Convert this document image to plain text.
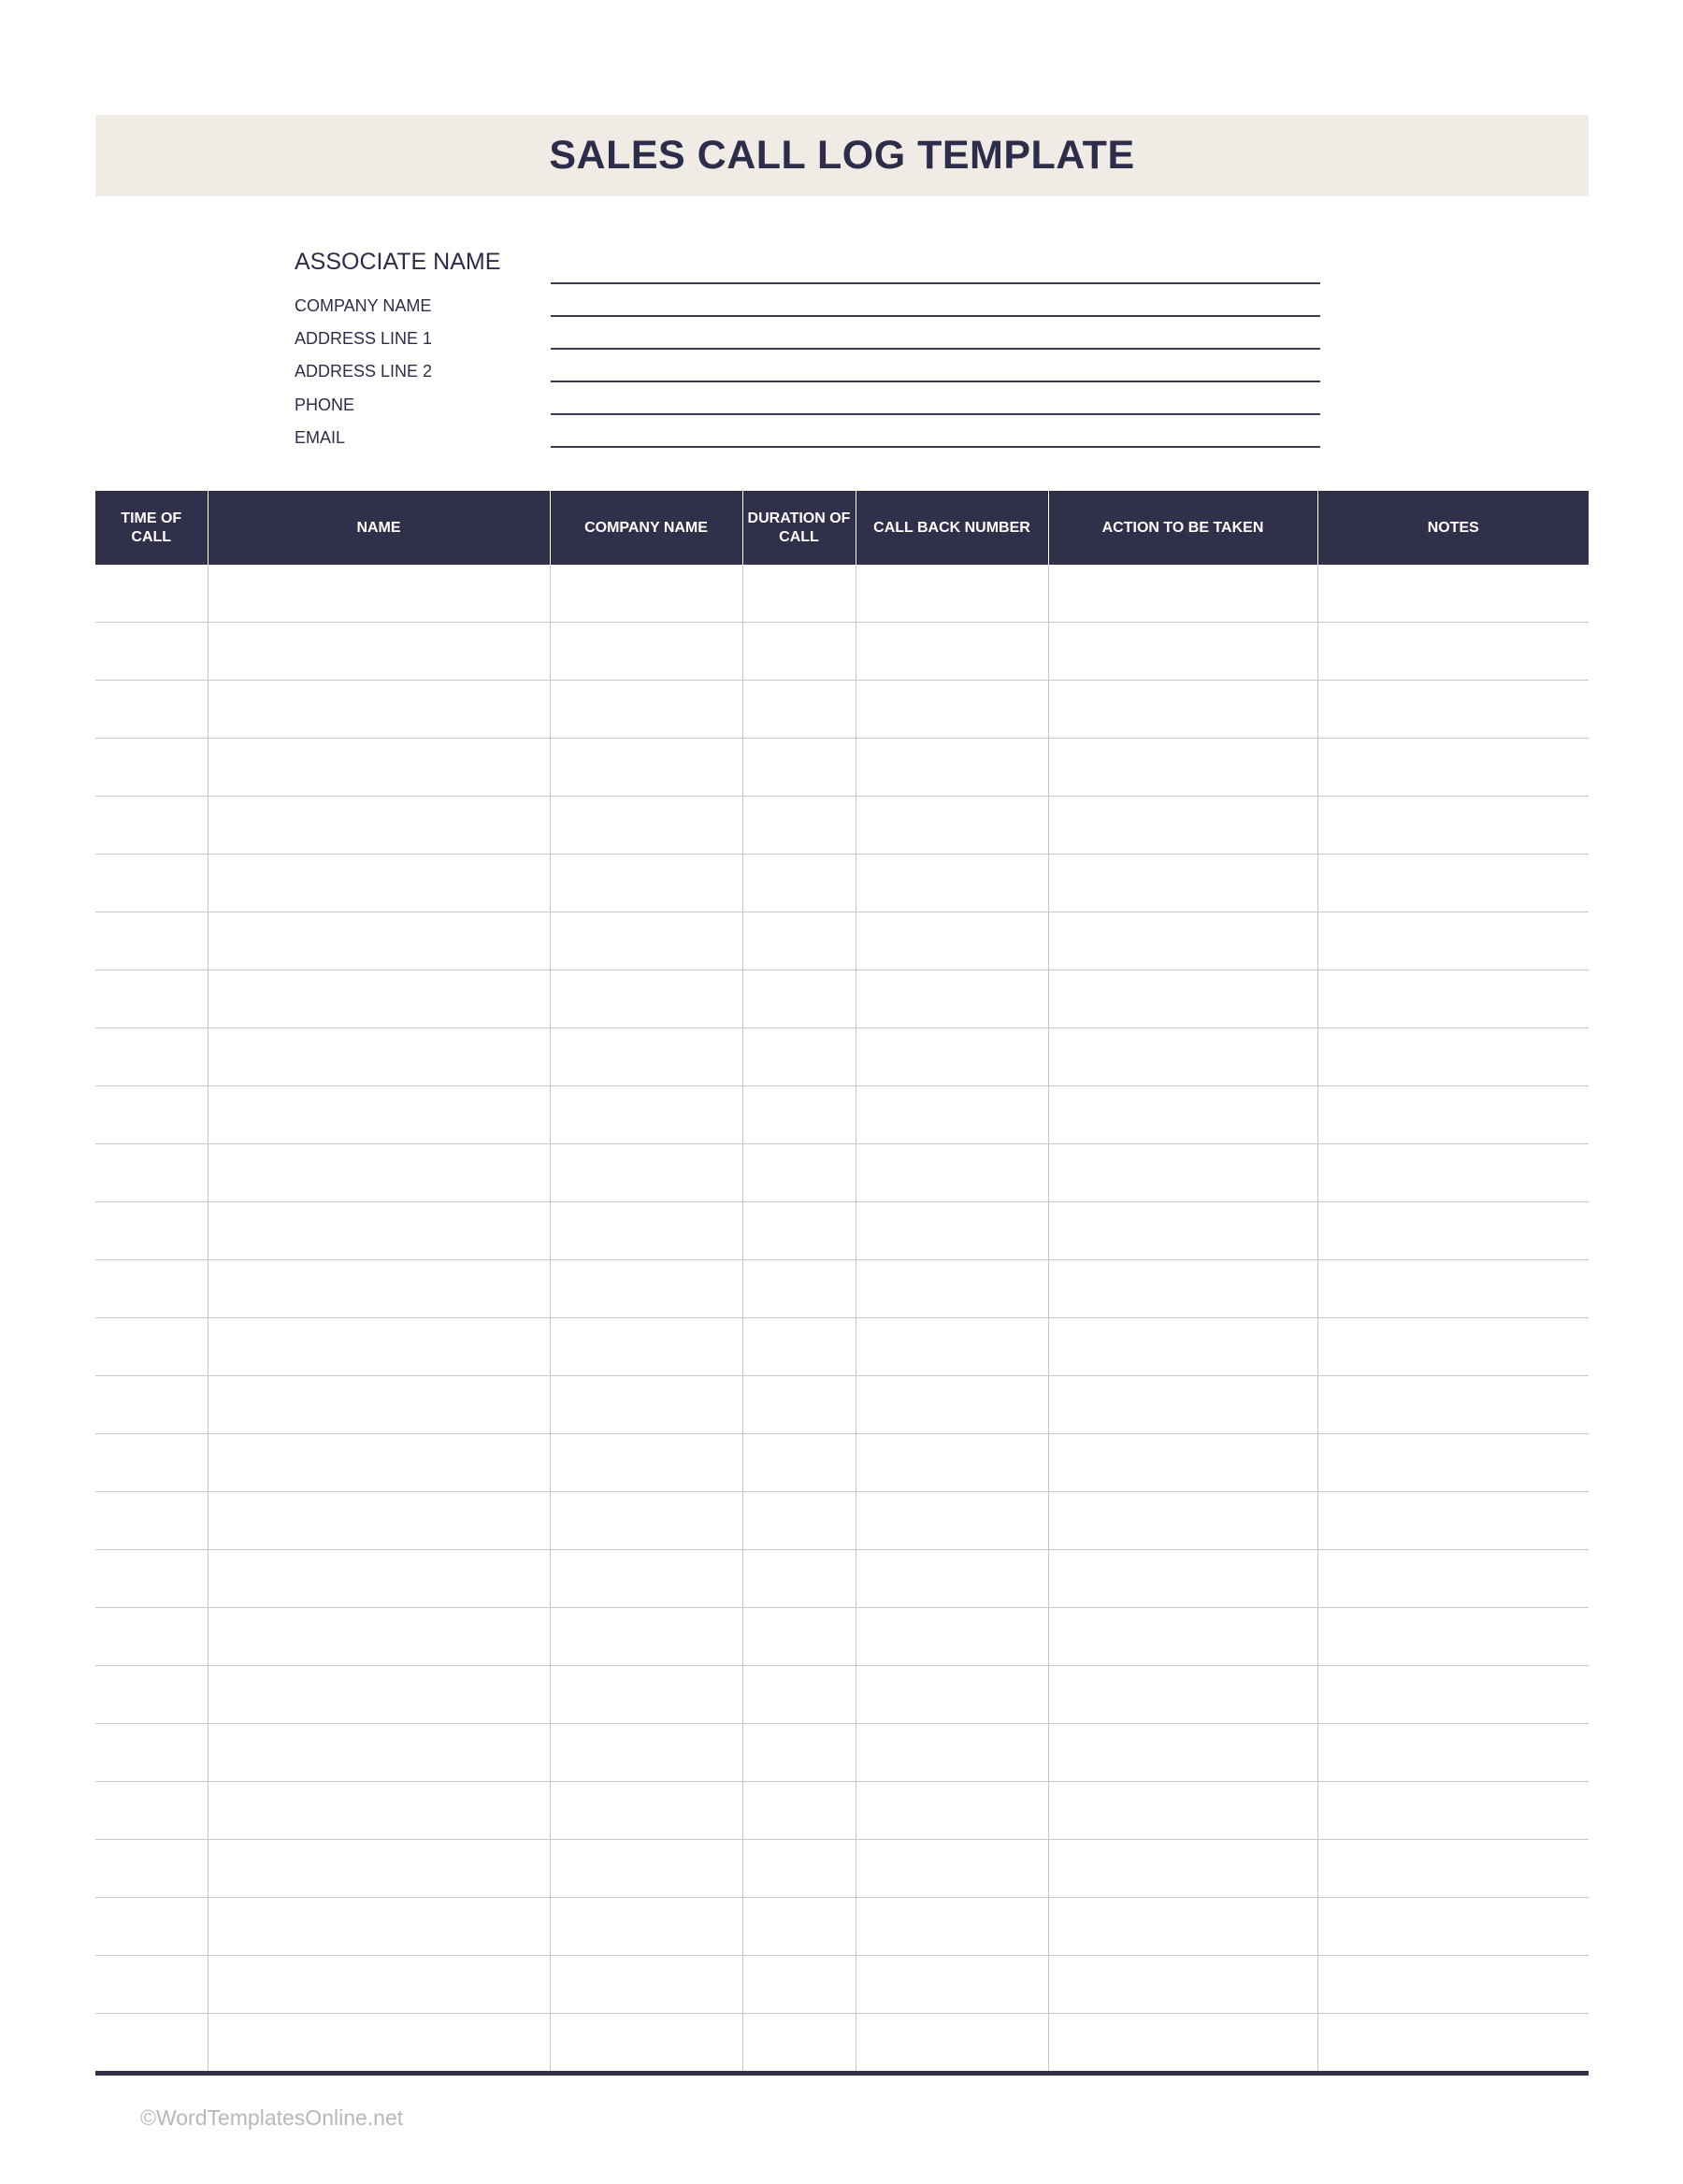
SALES CALL LOG TEMPLATE
ASSOCIATE NAME
COMPANY NAME
ADDRESS LINE 1
ADDRESS LINE 2
PHONE
EMAIL
TIME OF CALL	NAME	COMPANY NAME	DURATION OF CALL	CALL BACK NUMBER	ACTION TO BE TAKEN	NOTES

©WordTemplatesOnline.net
